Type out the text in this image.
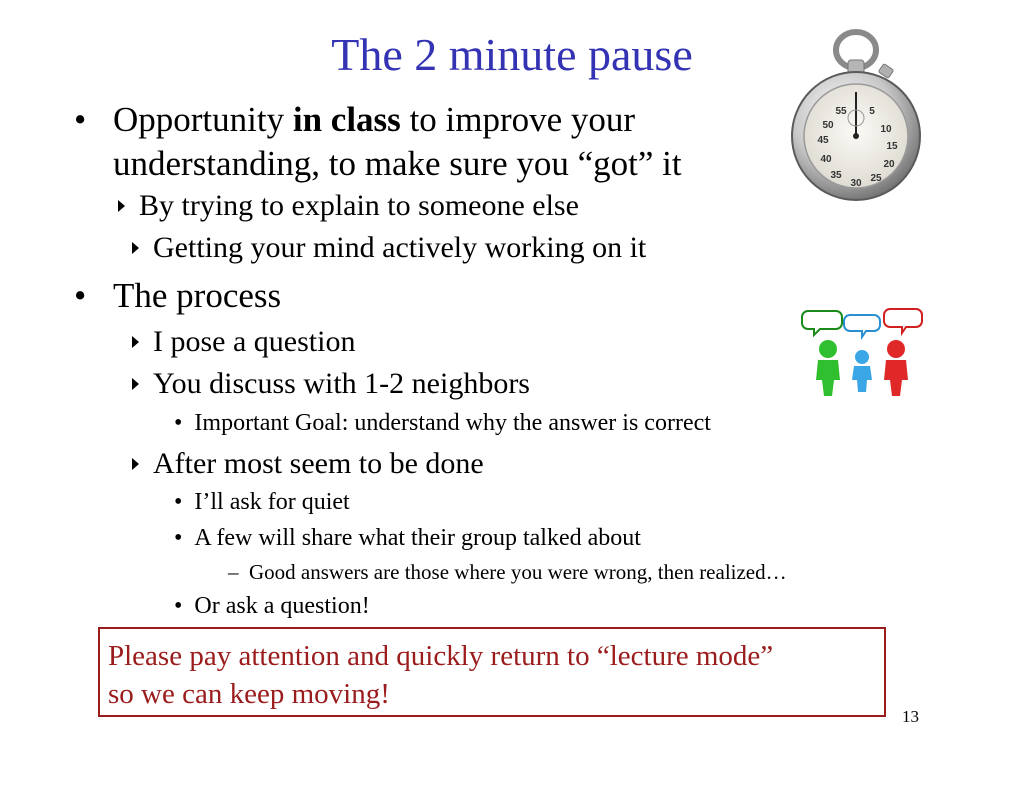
The 2 minute pause
• Opportunity in class to improve your
understanding, to make sure you “got” it
By trying to explain to someone else
Getting your mind actively working on it
• The process
I pose a question
You discuss with 1-2 neighbors
•  Important Goal: understand why the answer is correct
After most seem to be done
•  I’ll ask for quiet
•  A few will share what their group talked about
–  Good answers are those where you were wrong, then realized…
•  Or ask a question!
Please pay attention and quickly return to “lecture mode”
so we can keep moving!
13
55 5
50	10
45
15
40	20
35	25
30
